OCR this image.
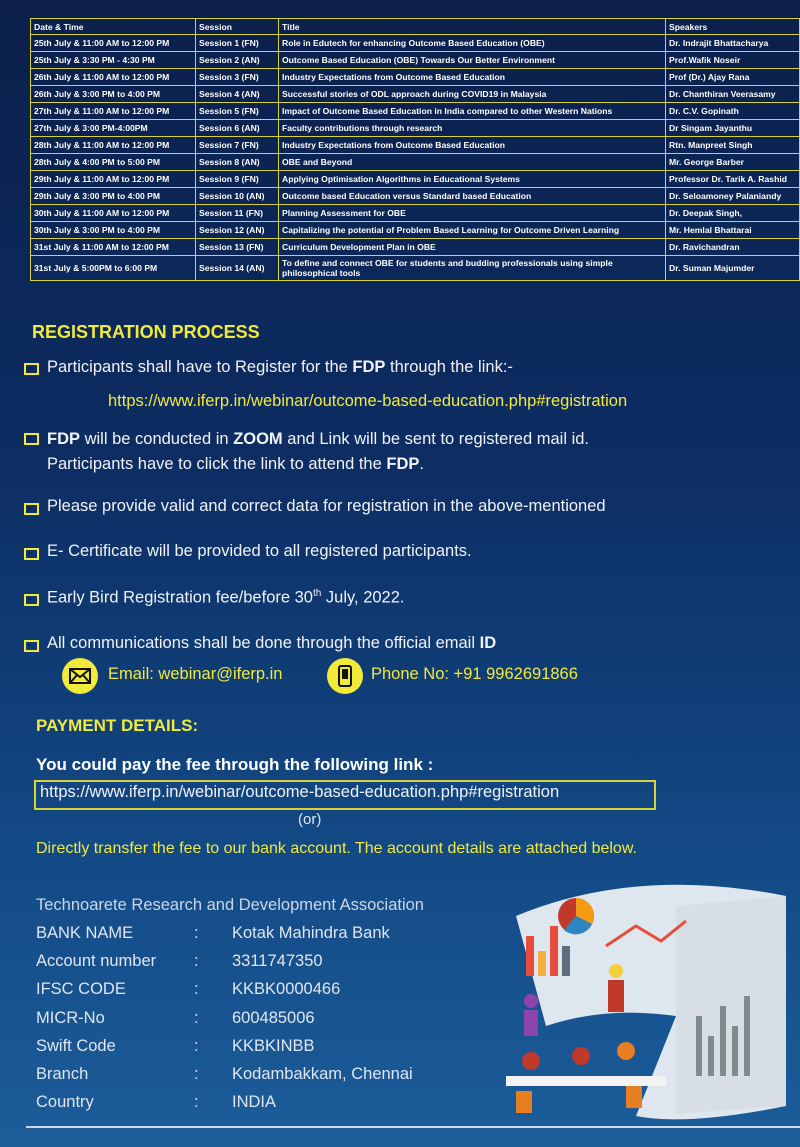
Date & Time	Session	Title	Speakers
25th July & 11:00 AM to 12:00 PM	Session 1 (FN)	Role in Edutech for enhancing Outcome Based Education (OBE)	Dr. Indrajit Bhattacharya
25th July & 3:30 PM - 4:30 PM	Session 2 (AN)	Outcome Based Education (OBE) Towards Our Better Environment	Prof.Wafik Noseir
26th July & 11:00 AM to 12:00 PM	Session 3 (FN)	Industry Expectations from Outcome Based Education	Prof (Dr.) Ajay Rana
26th July & 3:00 PM to 4:00 PM	Session 4 (AN)	Successful stories of ODL approach during COVID19 in Malaysia	Dr. Chanthiran Veerasamy
27th July & 11:00 AM to 12:00 PM	Session 5 (FN)	Impact of Outcome Based Education in India compared to other Western Nations	Dr. C.V. Gopinath
27th July & 3:00 PM-4:00PM	Session 6 (AN)	Faculty contributions through research	Dr Singam Jayanthu
28th July & 11:00 AM to 12:00 PM	Session 7 (FN)	Industry Expectations from Outcome Based Education	Rtn. Manpreet Singh
28th July & 4:00 PM to 5:00 PM	Session 8 (AN)	OBE and Beyond	Mr. George Barber
29th July & 11:00 AM to 12:00 PM	Session 9 (FN)	Applying Optimisation Algorithms in Educational Systems	Professor Dr. Tarik A. Rashid
29th July & 3:00 PM to 4:00 PM	Session 10 (AN)	Outcome based Education versus Standard based Education	Dr. Seloamoney Palaniandy
30th July & 11:00 AM to 12:00 PM	Session 11 (FN)	Planning Assessment for OBE	Dr. Deepak Singh,
30th July & 3:00 PM to 4:00 PM	Session 12 (AN)	Capitalizing the potential of Problem Based Learning for Outcome Driven Learning	Mr. Hemlal Bhattarai
31st July & 11:00 AM to 12:00 PM	Session 13 (FN)	Curriculum Development Plan in OBE	Dr. Ravichandran
31st July & 5:00PM to 6:00 PM	Session 14 (AN)	To define and connect OBE for students and budding professionals using simple philosophical tools	Dr. Suman Majumder
REGISTRATION PROCESS
Participants shall have to Register for the FDP through the link:-
https://www.iferp.in/webinar/outcome-based-education.php#registration
FDP will be conducted in ZOOM and Link will be sent to registered mail id.
Participants have to click the link to attend the FDP.
Please provide valid and correct data for registration in the above-mentioned
E- Certificate will be provided to all registered participants.
Early Bird Registration fee/before 30th July, 2022.
All communications shall be done through the official email ID
Email: webinar@iferp.in	Phone No: +91 9962691866
PAYMENT DETAILS:
You could pay the fee through the following link :
https://www.iferp.in/webinar/outcome-based-education.php#registration
(or)
Directly transfer the fee to our bank account. The account details are attached below.
Technoarete Research and Development Association
BANK NAME	: Kotak Mahindra Bank
Account number : 3311747350
IFSC CODE	: KKBK0000466
MICR-No	: 600485006
Swift Code	: KKBKINBB
Branch	: Kodambakkam, Chennai
Country	: INDIA
